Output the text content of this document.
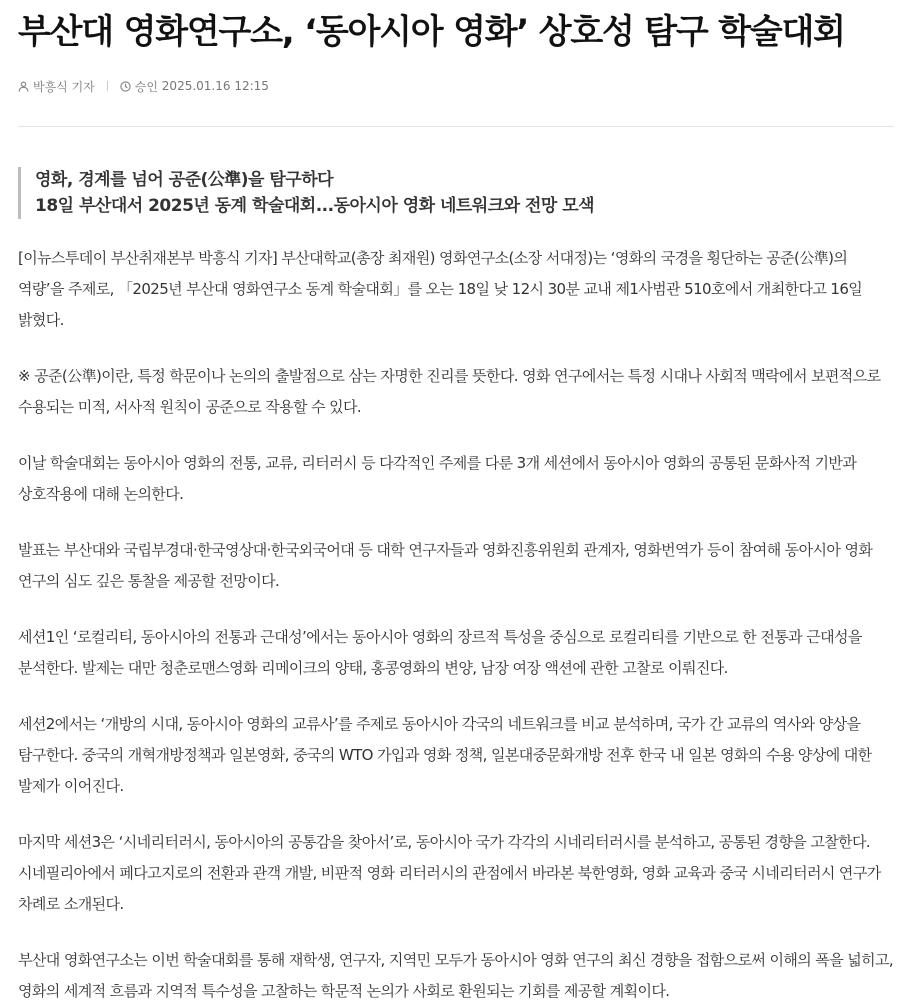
부산대 영화연구소, ‘동아시아 영화’ 상호성 탐구 학술대회
박흥식 기자	승인
2025.01.16 12:15
영화, 경계를 넘어 공준(公準)을 탐구하다
18일 부산대서 2025년 동계 학술대회...동아시아 영화 네트워크와 전망 모색

[이뉴스투데이 부산취재본부 박흥식 기자] 부산대학교(총장 최재원) 영화연구소(소장 서대정)는 ‘영화의 국경을 횡단하는 공준(公準)의 역량’을 주제로, 「2025년 부산대 영화연구소 동계 학술대회」를 오는 18일 낮 12시 30분 교내 제1사범관 510호에서 개최한다고 16일 밝혔다.

※ 공준(公準)이란, 특정 학문이나 논의의 출발점으로 삼는 자명한 진리를 뜻한다. 영화 연구에서는 특정 시대나 사회적 맥락에서 보편적으로 수용되는 미적, 서사적 원칙이 공준으로 작용할 수 있다.

이날 학술대회는 동아시아 영화의 전통, 교류, 리터러시 등 다각적인 주제를 다룬 3개 세션에서 동아시아 영화의 공통된 문화사적 기반과 상호작용에 대해 논의한다.

발표는 부산대와 국립부경대·한국영상대·한국외국어대 등 대학 연구자들과 영화진흥위원회 관계자, 영화번역가 등이 참여해 동아시아 영화 연구의 심도 깊은 통찰을 제공할 전망이다.

세션1인 ‘로컬리티, 동아시아의 전통과 근대성’에서는 동아시아 영화의 장르적 특성을 중심으로 로컬리티를 기반으로 한 전통과 근대성을 분석한다. 발제는 대만 청춘로맨스영화 리메이크의 양태, 홍콩영화의 변양, 남장 여장 액션에 관한 고찰로 이뤄진다.

세션2에서는 ‘개방의 시대, 동아시아 영화의 교류사’를 주제로 동아시아 각국의 네트워크를 비교 분석하며, 국가 간 교류의 역사와 양상을 탐구한다. 중국의 개혁개방정책과 일본영화, 중국의 WTO 가입과 영화 정책, 일본대중문화개방 전후 한국 내 일본 영화의 수용 양상에 대한 발제가 이어진다.

마지막 세션3은 ‘시네리터러시, 동아시아의 공통감을 찾아서’로, 동아시아 국가 각각의 시네리터러시를 분석하고, 공통된 경향을 고찰한다. 시네필리아에서 페다고지로의 전환과 관객 개발, 비판적 영화 리터러시의 관점에서 바라본 북한영화, 영화 교육과 중국 시네리터러시 연구가 차례로 소개된다.

부산대 영화연구소는 이번 학술대회를 통해 재학생, 연구자, 지역민 모두가 동아시아 영화 연구의 최신 경향을 접함으로써 이해의 폭을 넓히고, 영화의 세계적 흐름과 지역적 특수성을 고찰하는 학문적 논의가 사회로 환원되는 기회를 제공할 계획이다.
